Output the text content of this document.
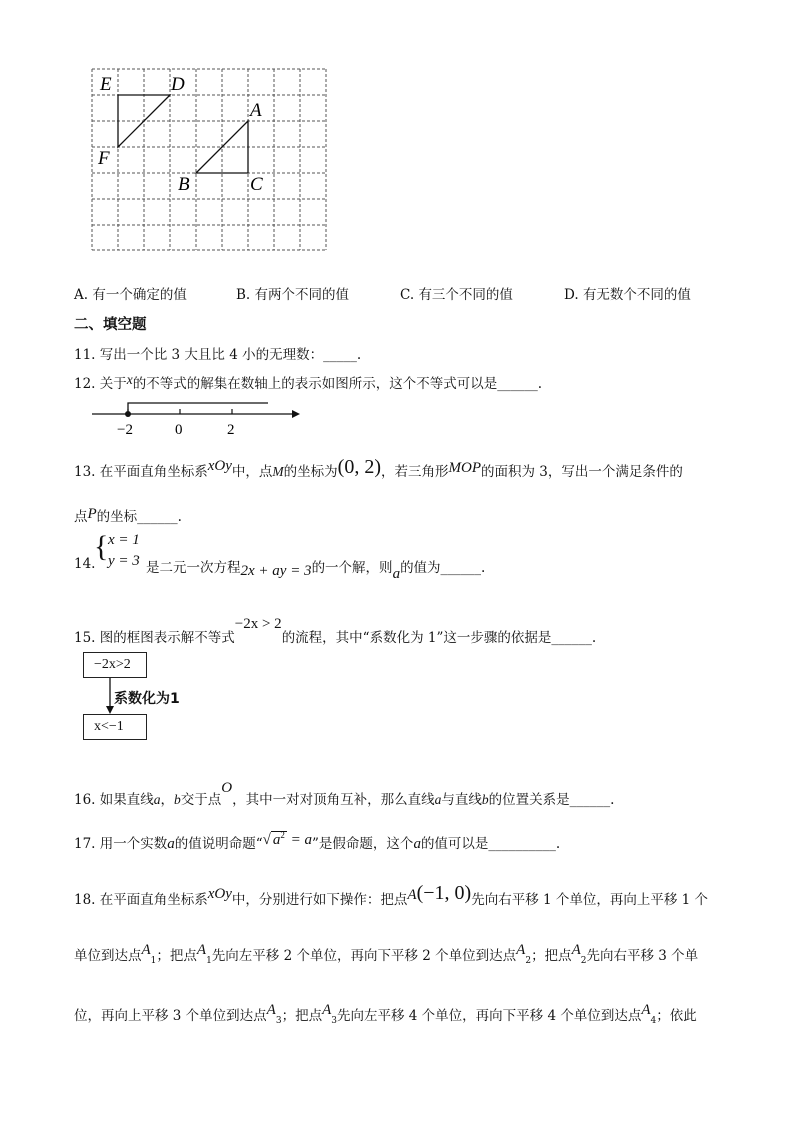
E	D
A
F
B	C
A. 有一个确定的值	B. 有两个不同的值	C. 有三个不同的值	D. 有无数个不同的值
二、填空题
11. 写出一个比 3 大且比 4 小的无理数：_____.
12. 关于x的不等式的解集在数轴上的表示如图所示，这个不等式可以是______.
−2	0	2
13. 在平面直角坐标系xOy中，点M的坐标为(0, 2)，若三角形MOP的面积为 3，写出一个满足条件的
点P的坐标______.
14.
{ x = 1
y = 3 是二元一次方程2x + ay = 3的一个解，则a的值为______.
15. 图的框图表示解不等式−2x > 2的流程，其中“系数化为 1”这一步骤的依据是______.
−2x>2
系数化为1
x<−1
16. 如果直线a，b交于点O，其中一对对顶角互补，那么直线a与直线b的位置关系是______.
17. 用一个实数a的值说明命题“√ $a^2 = a$”是假命题，这个a的值可以是__________.
18. 在平面直角坐标系xOy中，分别进行如下操作：把点A(−1, 0)先向右平移 1 个单位，再向上平移 1 个
单位到达点$A_1$；把点$A_1$先向左平移 2 个单位，再向下平移 2 个单位到达点$A_2$；把点$A_2$先向右平移 3 个单
位，再向上平移 3 个单位到达点$A_3$；把点$A_3$先向左平移 4 个单位，再向下平移 4 个单位到达点$A_4$；依此
